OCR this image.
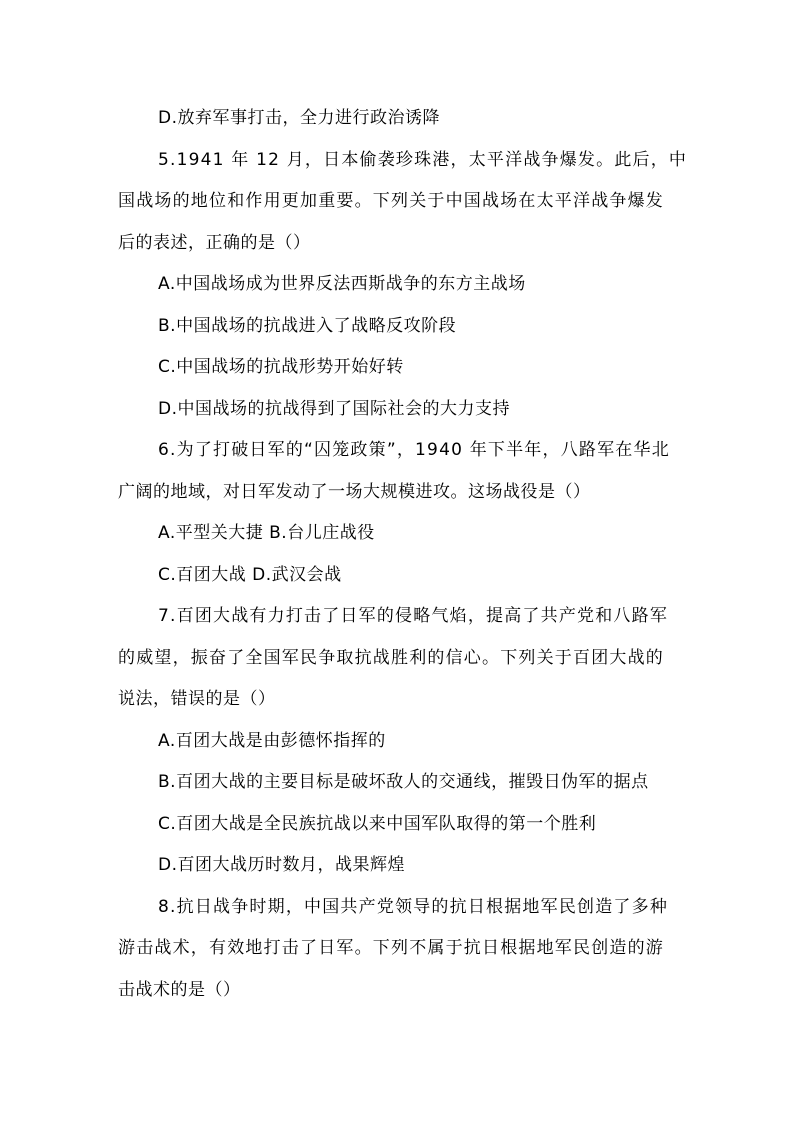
D.放弃军事打击，全力进行政治诱降
5.1941 年 12 月，日本偷袭珍珠港，太平洋战争爆发。此后，中
国战场的地位和作用更加重要。下列关于中国战场在太平洋战争爆发
后的表述，正确的是（）
A.中国战场成为世界反法西斯战争的东方主战场
B.中国战场的抗战进入了战略反攻阶段
C.中国战场的抗战形势开始好转
D.中国战场的抗战得到了国际社会的大力支持
6.为了打破日军的“囚笼政策”，1940 年下半年，八路军在华北
广阔的地域，对日军发动了一场大规模进攻。这场战役是（）
A.平型关大捷 B.台儿庄战役
C.百团大战 D.武汉会战
7.百团大战有力打击了日军的侵略气焰，提高了共产党和八路军
的威望，振奋了全国军民争取抗战胜利的信心。下列关于百团大战的
说法，错误的是（）
A.百团大战是由彭德怀指挥的
B.百团大战的主要目标是破坏敌人的交通线，摧毁日伪军的据点
C.百团大战是全民族抗战以来中国军队取得的第一个胜利
D.百团大战历时数月，战果辉煌
8.抗日战争时期，中国共产党领导的抗日根据地军民创造了多种
游击战术，有效地打击了日军。下列不属于抗日根据地军民创造的游
击战术的是（）
